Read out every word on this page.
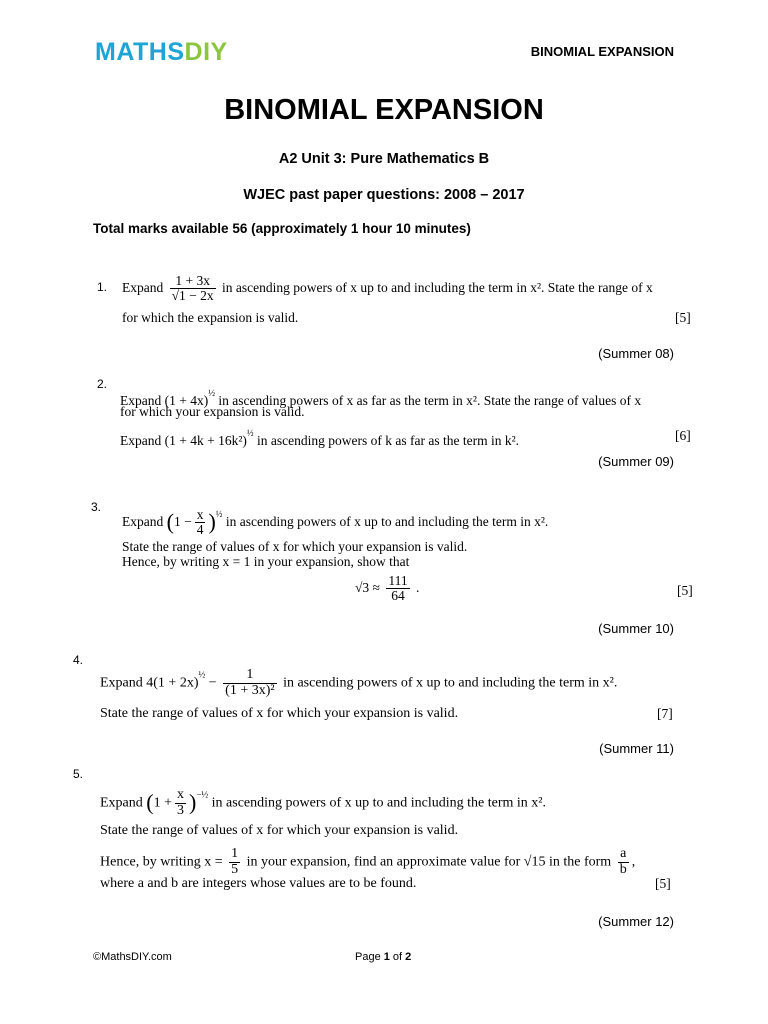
MATHSDIY	BINOMIAL EXPANSION
BINOMIAL EXPANSION
A2 Unit 3: Pure Mathematics B
WJEC past paper questions: 2008 – 2017
Total marks available 56 (approximately 1 hour 10 minutes)
1. Expand $\frac{1 + 3x}{√1 - 2x}$ in ascending powers of x up to and including the term in x². State the range of x
for which the expansion is valid.	[5]
(Summer 08)
2.
Expand $(1 + 4x)^{\frac{1}{2}}$ in ascending powers of x as far as the term in x². State the range of values of x
for which your expansion is valid.
Expand $(1 + 4k + 16k^2)^{\frac{1}{2}}$ in ascending powers of k as far as the term in k².	[6]
(Summer 09)
3.
Expand $(1 - \frac{x}{4} )^{\frac{1}{2}}$ in ascending powers of x up to and including the term in x².
State the range of values of x for which your expansion is valid.
Hence, by writing x = 1 in your expansion, show that
$√3 \approx \frac{111}{64}$ .	[5]
(Summer 10)
4.
Expand $4(1 + 2x)^{\frac{1}{2}} - \frac{1}{\text{(1 + 3x)²}}$ in ascending powers of x up to and including the term in x².
State the range of values of x for which your expansion is valid.	[7]
(Summer 11)
5.
Expand $(1 + \frac{x}{3} )^{-\frac{1}{2}}$ in ascending powers of x up to and including the term in x².
State the range of values of x for which your expansion is valid.
Hence, by writing $x = \frac{1}{5}$ in your expansion, find an approximate value for √15 in the form $\frac{a}{b}$ ,
where a and b are integers whose values are to be found.	[5]
(Summer 12)
©MathsDIY.com	Page 1 of 2
